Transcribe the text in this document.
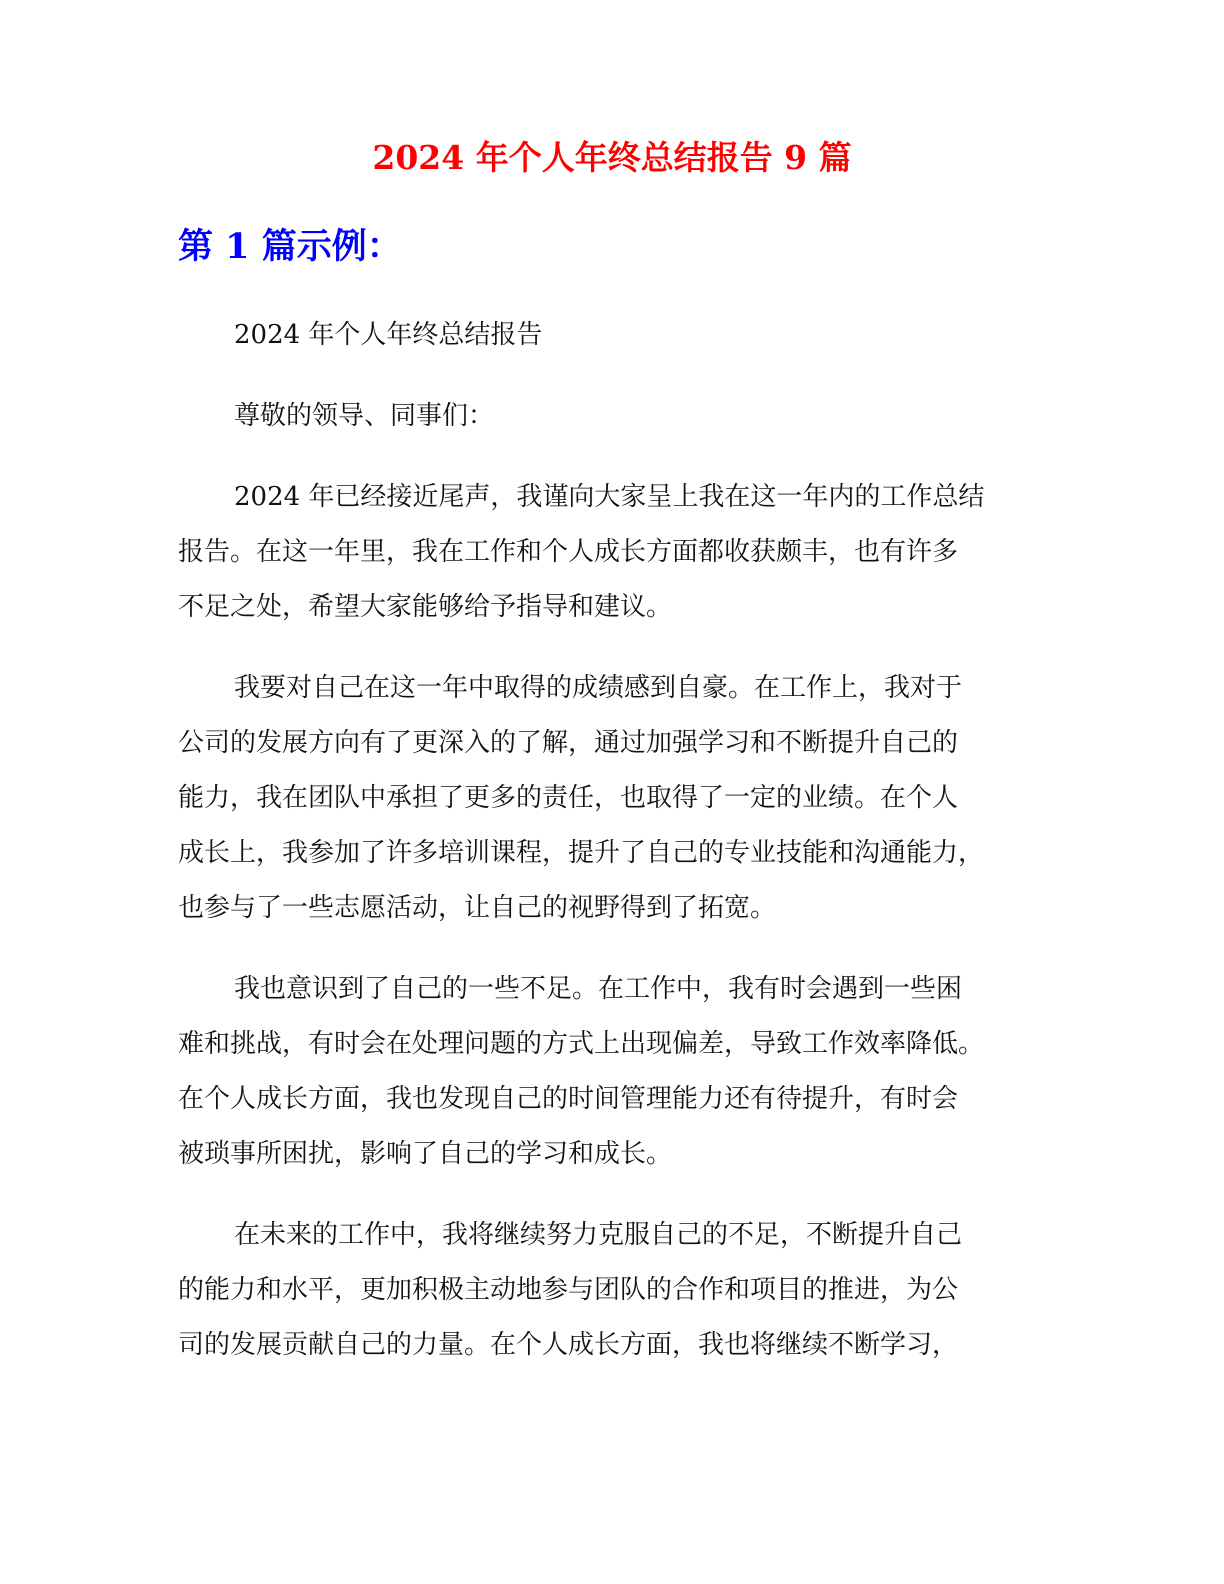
2024 年个人年终总结报告 9 篇
第 1 篇示例：

2024 年个人年终总结报告

尊敬的领导、同事们：

2024 年已经接近尾声，我谨向大家呈上我在这一年内的工作总结

报告。在这一年里，我在工作和个人成长方面都收获颇丰，也有许多

不足之处，希望大家能够给予指导和建议。

我要对自己在这一年中取得的成绩感到自豪。在工作上，我对于

公司的发展方向有了更深入的了解，通过加强学习和不断提升自己的

能力，我在团队中承担了更多的责任，也取得了一定的业绩。在个人

成长上，我参加了许多培训课程，提升了自己的专业技能和沟通能力，

也参与了一些志愿活动，让自己的视野得到了拓宽。

我也意识到了自己的一些不足。在工作中，我有时会遇到一些困

难和挑战，有时会在处理问题的方式上出现偏差，导致工作效率降低。

在个人成长方面，我也发现自己的时间管理能力还有待提升，有时会

被琐事所困扰，影响了自己的学习和成长。

在未来的工作中，我将继续努力克服自己的不足，不断提升自己

的能力和水平，更加积极主动地参与团队的合作和项目的推进，为公

司的发展贡献自己的力量。在个人成长方面，我也将继续不断学习，
